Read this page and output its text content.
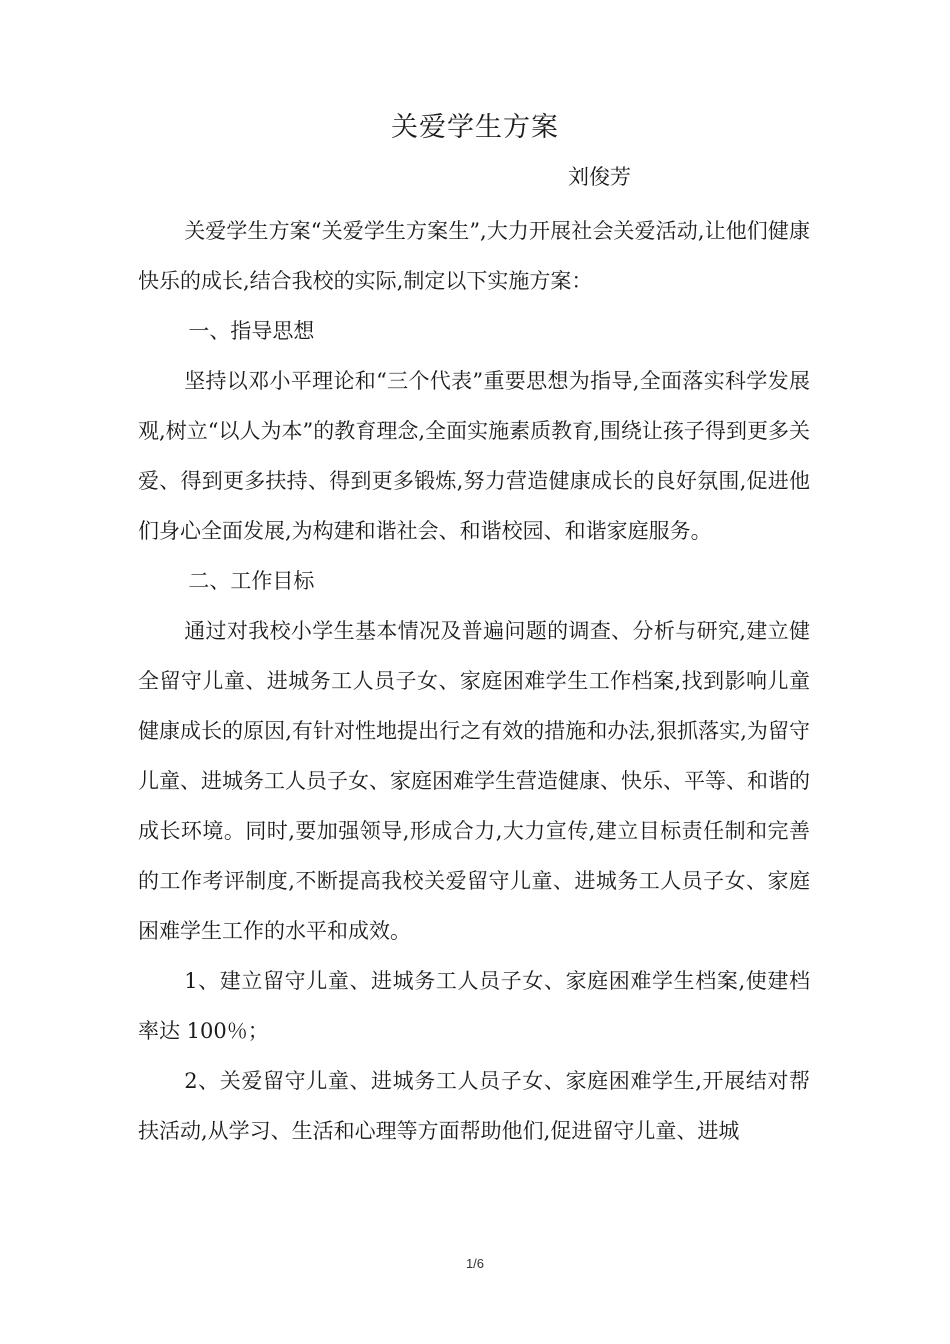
关爱学生方案
刘俊芳

关爱学生方案“关爱学生方案生”,大力开展社会关爱活动,让他们健康快乐的成长,结合我校的实际,制定以下实施方案：

一、指导思想

坚持以邓小平理论和“三个代表”重要思想为指导,全面落实科学发展观,树立“以人为本”的教育理念,全面实施素质教育,围绕让孩子得到更多关爱、得到更多扶持、得到更多锻炼,努力营造健康成长的良好氛围,促进他们身心全面发展,为构建和谐社会、和谐校园、和谐家庭服务。

二、工作目标

通过对我校小学生基本情况及普遍问题的调查、分析与研究,建立健全留守儿童、进城务工人员子女、家庭困难学生工作档案,找到影响儿童健康成长的原因,有针对性地提出行之有效的措施和办法,狠抓落实,为留守儿童、进城务工人员子女、家庭困难学生营造健康、快乐、平等、和谐的成长环境。同时,要加强领导,形成合力,大力宣传,建立目标责任制和完善的工作考评制度,不断提高我校关爱留守儿童、进城务工人员子女、家庭困难学生工作的水平和成效。

1、建立留守儿童、进城务工人员子女、家庭困难学生档案,使建档率达 100％；

2、关爱留守儿童、进城务工人员子女、家庭困难学生,开展结对帮扶活动,从学习、生活和心理等方面帮助他们,促进留守儿童、进城

1/6
